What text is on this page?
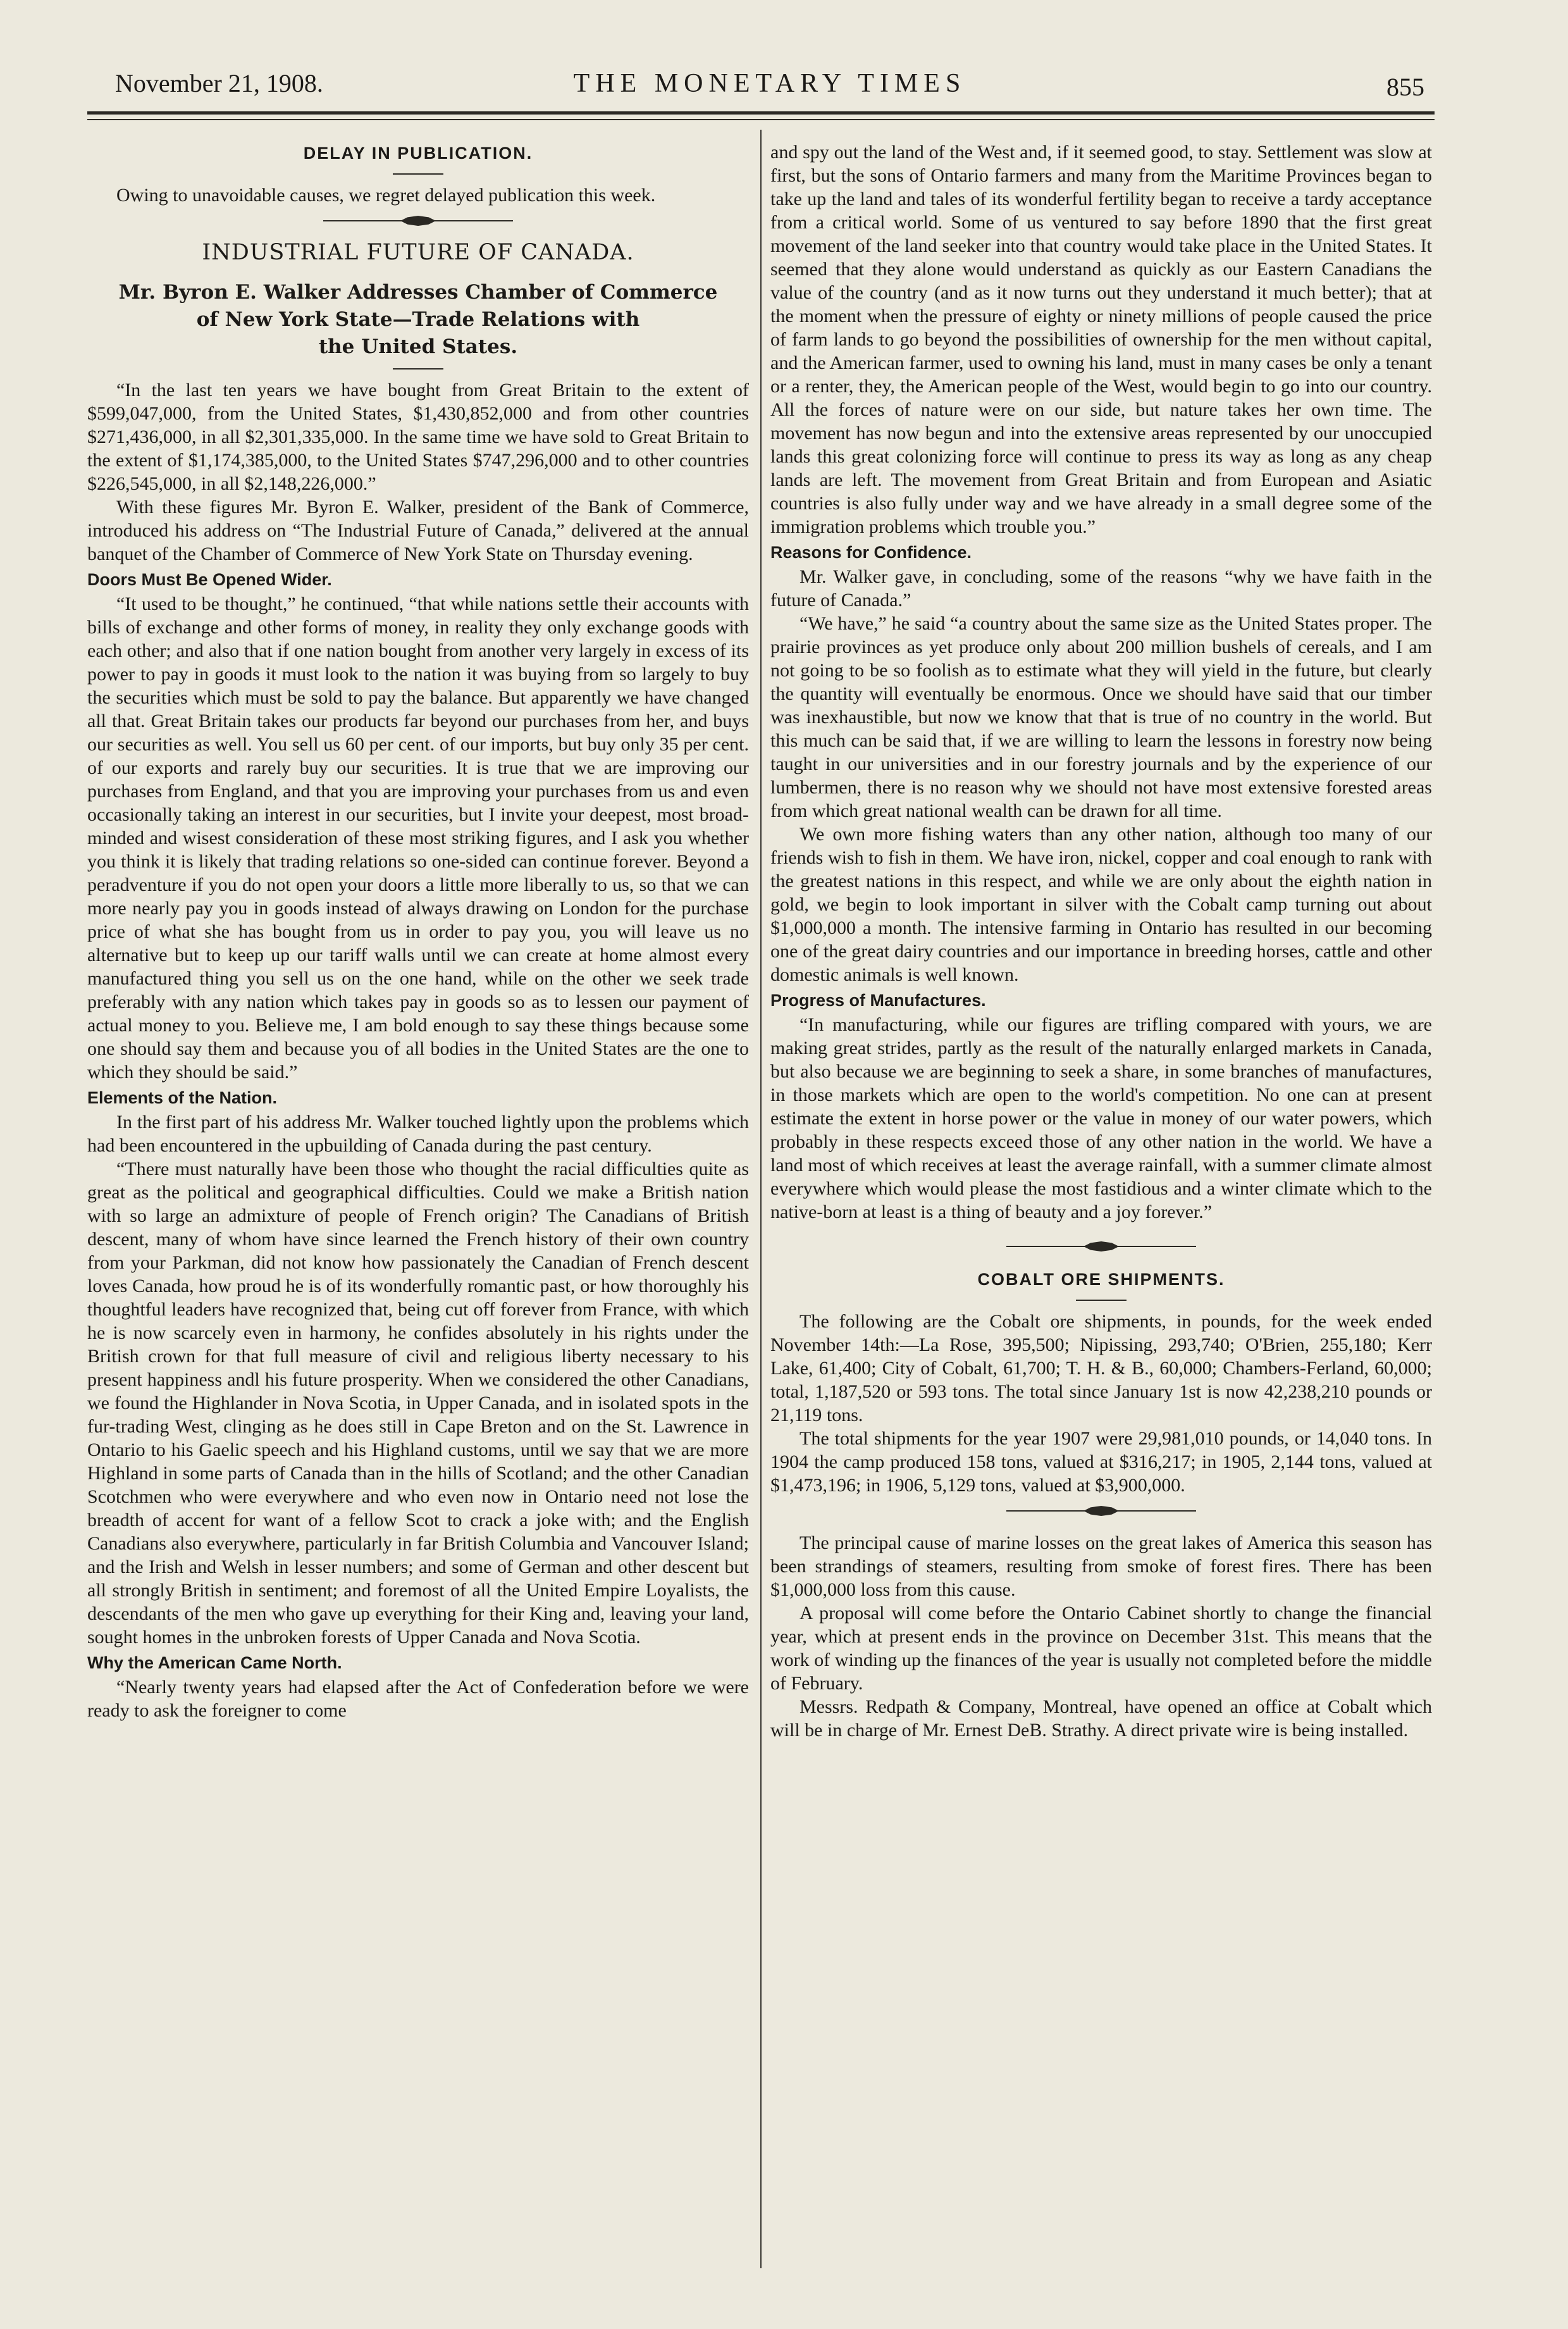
November 21, 1908.	THE MONETARY TIMES	855
DELAY IN PUBLICATION.

Owing to unavoidable causes, we regret delayed publication this week.

INDUSTRIAL FUTURE OF CANADA.
Mr. Byron E. Walker Addresses Chamber of Commerce
of New York State—Trade Relations with
the United States.

“In the last ten years we have bought from Great Britain to the extent of $599,047,000, from the United States, $1,430,852,000 and from other countries $271,436,000, in all $2,301,335,000. In the same time we have sold to Great Britain to the extent of $1,174,385,000, to the United States $747,296,000 and to other countries $226,545,000, in all $2,148,226,000.”

With these figures Mr. Byron E. Walker, president of the Bank of Commerce, introduced his address on “The Industrial Future of Canada,” delivered at the annual banquet of the Chamber of Commerce of New York State on Thursday evening.

Doors Must Be Opened Wider.

“It used to be thought,” he continued, “that while nations settle their accounts with bills of exchange and other forms of money, in reality they only exchange goods with each other; and also that if one nation bought from another very largely in excess of its power to pay in goods it must look to the nation it was buying from so largely to buy the securities which must be sold to pay the balance. But apparently we have changed all that. Great Britain takes our products far beyond our purchases from her, and buys our securities as well. You sell us 60 per cent. of our imports, but buy only 35 per cent. of our exports and rarely buy our securities. It is true that we are improving our purchases from England, and that you are improving your purchases from us and even occasionally taking an interest in our securities, but I invite your deepest, most broad-minded and wisest consideration of these most striking figures, and I ask you whether you think it is likely that trading relations so one-sided can continue forever. Beyond a peradventure if you do not open your doors a little more liberally to us, so that we can more nearly pay you in goods instead of always drawing on London for the purchase price of what she has bought from us in order to pay you, you will leave us no alternative but to keep up our tariff walls until we can create at home almost every manufactured thing you sell us on the one hand, while on the other we seek trade preferably with any nation which takes pay in goods so as to lessen our payment of actual money to you. Believe me, I am bold enough to say these things because some one should say them and because you of all bodies in the United States are the one to which they should be said.”

Elements of the Nation.

In the first part of his address Mr. Walker touched lightly upon the problems which had been encountered in the upbuilding of Canada during the past century.

“There must naturally have been those who thought the racial difficulties quite as great as the political and geographical difficulties. Could we make a British nation with so large an admixture of people of French origin? The Canadians of British descent, many of whom have since learned the French history of their own country from your Parkman, did not know how passionately the Canadian of French descent loves Canada, how proud he is of its wonderfully romantic past, or how thoroughly his thoughtful leaders have recognized that, being cut off forever from France, with which he is now scarcely even in harmony, he confides absolutely in his rights under the British crown for that full measure of civil and religious liberty necessary to his present happiness andl his future prosperity. When we considered the other Canadians, we found the Highlander in Nova Scotia, in Upper Canada, and in isolated spots in the fur-trading West, clinging as he does still in Cape Breton and on the St. Lawrence in Ontario to his Gaelic speech and his Highland customs, until we say that we are more Highland in some parts of Canada than in the hills of Scotland; and the other Canadian Scotchmen who were everywhere and who even now in Ontario need not lose the breadth of accent for want of a fellow Scot to crack a joke with; and the English Canadians also everywhere, particularly in far British Columbia and Vancouver Island; and the Irish and Welsh in lesser numbers; and some of German and other descent but all strongly British in sentiment; and foremost of all the United Empire Loyalists, the descendants of the men who gave up everything for their King and, leaving your land, sought homes in the unbroken forests of Upper Canada and Nova Scotia.

Why the American Came North.

“Nearly twenty years had elapsed after the Act of Confederation before we were ready to ask the foreigner to come

and spy out the land of the West and, if it seemed good, to stay. Settlement was slow at first, but the sons of Ontario farmers and many from the Maritime Provinces began to take up the land and tales of its wonderful fertility began to receive a tardy acceptance from a critical world. Some of us ventured to say before 1890 that the first great movement of the land seeker into that country would take place in the United States. It seemed that they alone would understand as quickly as our Eastern Canadians the value of the country (and as it now turns out they understand it much better); that at the moment when the pressure of eighty or ninety millions of people caused the price of farm lands to go beyond the possibilities of ownership for the men without capital, and the American farmer, used to owning his land, must in many cases be only a tenant or a renter, they, the American people of the West, would begin to go into our country. All the forces of nature were on our side, but nature takes her own time. The movement has now begun and into the extensive areas represented by our unoccupied lands this great colonizing force will continue to press its way as long as any cheap lands are left. The movement from Great Britain and from European and Asiatic countries is also fully under way and we have already in a small degree some of the immigration problems which trouble you.”

Reasons for Confidence.

Mr. Walker gave, in concluding, some of the reasons “why we have faith in the future of Canada.”

“We have,” he said “a country about the same size as the United States proper. The prairie provinces as yet produce only about 200 million bushels of cereals, and I am not going to be so foolish as to estimate what they will yield in the future, but clearly the quantity will eventually be enormous. Once we should have said that our timber was inexhaustible, but now we know that that is true of no country in the world. But this much can be said that, if we are willing to learn the lessons in forestry now being taught in our universities and in our forestry journals and by the experience of our lumbermen, there is no reason why we should not have most extensive forested areas from which great national wealth can be drawn for all time.

We own more fishing waters than any other nation, although too many of our friends wish to fish in them. We have iron, nickel, copper and coal enough to rank with the greatest nations in this respect, and while we are only about the eighth nation in gold, we begin to look important in silver with the Cobalt camp turning out about $1,000,000 a month. The intensive farming in Ontario has resulted in our becoming one of the great dairy countries and our importance in breeding horses, cattle and other domestic animals is well known.

Progress of Manufactures.

“In manufacturing, while our figures are trifling compared with yours, we are making great strides, partly as the result of the naturally enlarged markets in Canada, but also because we are beginning to seek a share, in some branches of manufactures, in those markets which are open to the world's competition. No one can at present estimate the extent in horse power or the value in money of our water powers, which probably in these respects exceed those of any other nation in the world. We have a land most of which receives at least the average rainfall, with a summer climate almost everywhere which would please the most fastidious and a winter climate which to the native-born at least is a thing of beauty and a joy forever.”

COBALT ORE SHIPMENTS.

The following are the Cobalt ore shipments, in pounds, for the week ended November 14th:—La Rose, 395,500; Nipissing, 293,740; O'Brien, 255,180; Kerr Lake, 61,400; City of Cobalt, 61,700; T. H. & B., 60,000; Chambers-Ferland, 60,000; total, 1,187,520 or 593 tons. The total since January 1st is now 42,238,210 pounds or 21,119 tons.

The total shipments for the year 1907 were 29,981,010 pounds, or 14,040 tons. In 1904 the camp produced 158 tons, valued at $316,217; in 1905, 2,144 tons, valued at $1,473,196; in 1906, 5,129 tons, valued at $3,900,000.

The principal cause of marine losses on the great lakes of America this season has been strandings of steamers, resulting from smoke of forest fires. There has been $1,000,000 loss from this cause.

A proposal will come before the Ontario Cabinet shortly to change the financial year, which at present ends in the province on December 31st. This means that the work of winding up the finances of the year is usually not completed before the middle of February.

Messrs. Redpath & Company, Montreal, have opened an office at Cobalt which will be in charge of Mr. Ernest DeB. Strathy. A direct private wire is being installed.
